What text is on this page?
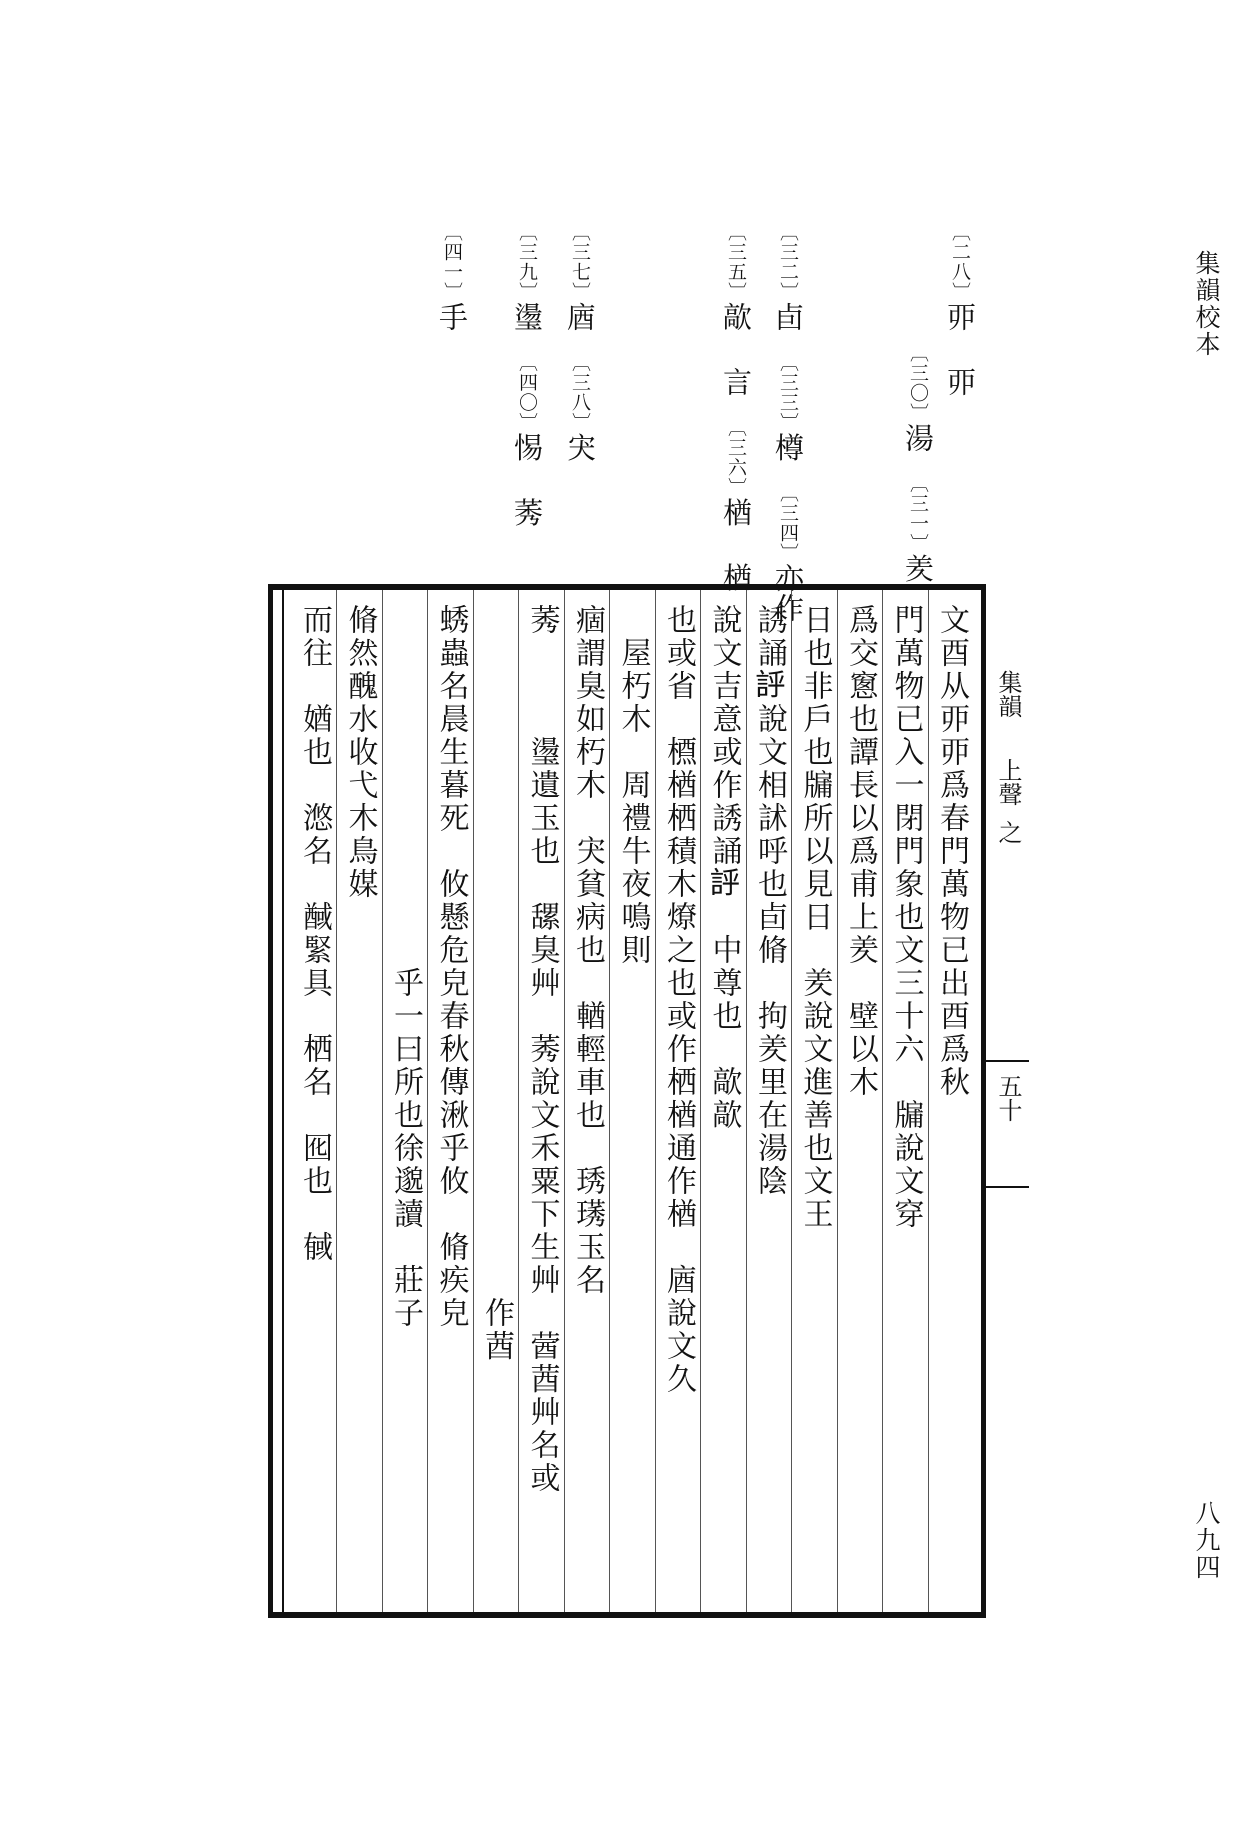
集韻校本
八九四
〔二八〕丣 丣　
〔三〇〕湯　〔三一〕羑　
〔三二〕卣　〔三三〕樽　〔三四〕亦作
〔三五〕歊 言　〔三六〕楢 楢　
〔三七〕庮　〔三八〕宊　
〔三九〕璗　〔四〇〕惕 莠　
〔四一〕手　
集韻
上聲
之
五十
文酉从丣丣爲春門萬物已出酉爲秋
門萬物已入一閉門象也文三十六　牖說文穿
爲交窻也譚長以爲甫上羑　壁以木
日也非戶也牖所以見日　羑說文進善也文王
誘誦𧦝說文相訹呼也卣脩　拘羑里在湯陰
說文吉意或作誘誦𧦝　中尊也　歊歊
也或省　槱楢栖積木燎之也或作栖楢通作楢　庮說文久
　屋朽木　周禮牛夜鳴則
痼謂臭如朽木　宊貧病也　輶輕車也　琇璓玉名
莠　　　璗遺玉也　𦧲臭艸　莠說文禾粟下生艸　蒏莤艸名或
　　　　　　　　　　　　　　　　　　　　　作莤
蜏蟲名晨生暮死　攸懸危皃春秋傳湫乎攸　脩疾皃
　　　　　　　　　　　乎一曰所也徐邈讀　莊子
脩然醜水收弋木鳥媒
而往　媨也　滺名　䤋緊具　栖名　囮也　戫
